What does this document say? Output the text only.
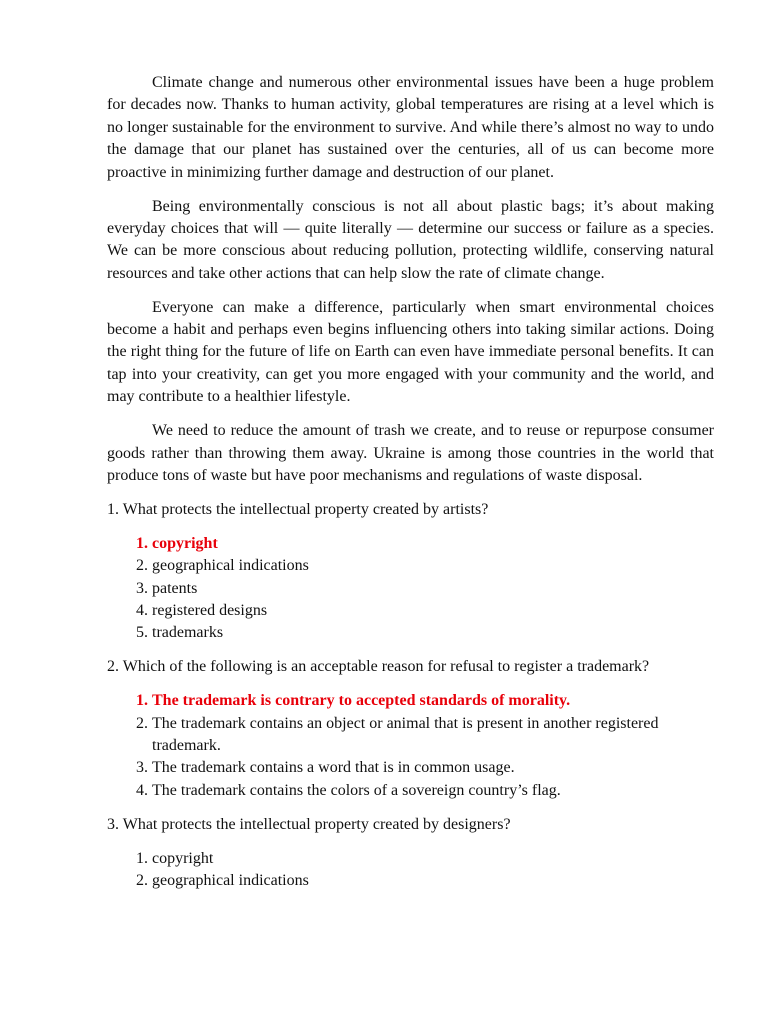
Climate change and numerous other environmental issues have been a huge problem for decades now. Thanks to human activity, global temperatures are rising at a level which is no longer sustainable for the environment to survive. And while there’s almost no way to undo the damage that our planet has sustained over the centuries, all of us can become more proactive in minimizing further damage and destruction of our planet.

Being environmentally conscious is not all about plastic bags; it’s about making everyday choices that will — quite literally — determine our success or failure as a species. We can be more conscious about reducing pollution, protecting wildlife, conserving natural resources and take other actions that can help slow the rate of climate change.

Everyone can make a difference, particularly when smart environmental choices become a habit and perhaps even begins influencing others into taking similar actions. Doing the right thing for the future of life on Earth can even have immediate personal benefits. It can tap into your creativity, can get you more engaged with your community and the world, and may contribute to a healthier lifestyle.

We need to reduce the amount of trash we create, and to reuse or repurpose consumer goods rather than throwing them away. Ukraine is among those countries in the world that produce tons of waste but have poor mechanisms and regulations of waste disposal.

1. What protects the intellectual property created by artists?

1. copyright
2. geographical indications
3. patents
4. registered designs
5. trademarks

2. Which of the following is an acceptable reason for refusal to register a trademark?

1. The trademark is contrary to accepted standards of morality.
2. The trademark contains an object or animal that is present in another registered trademark.
3. The trademark contains a word that is in common usage.
4. The trademark contains the colors of a sovereign country’s flag.

3. What protects the intellectual property created by designers?

1. copyright
2. geographical indications
